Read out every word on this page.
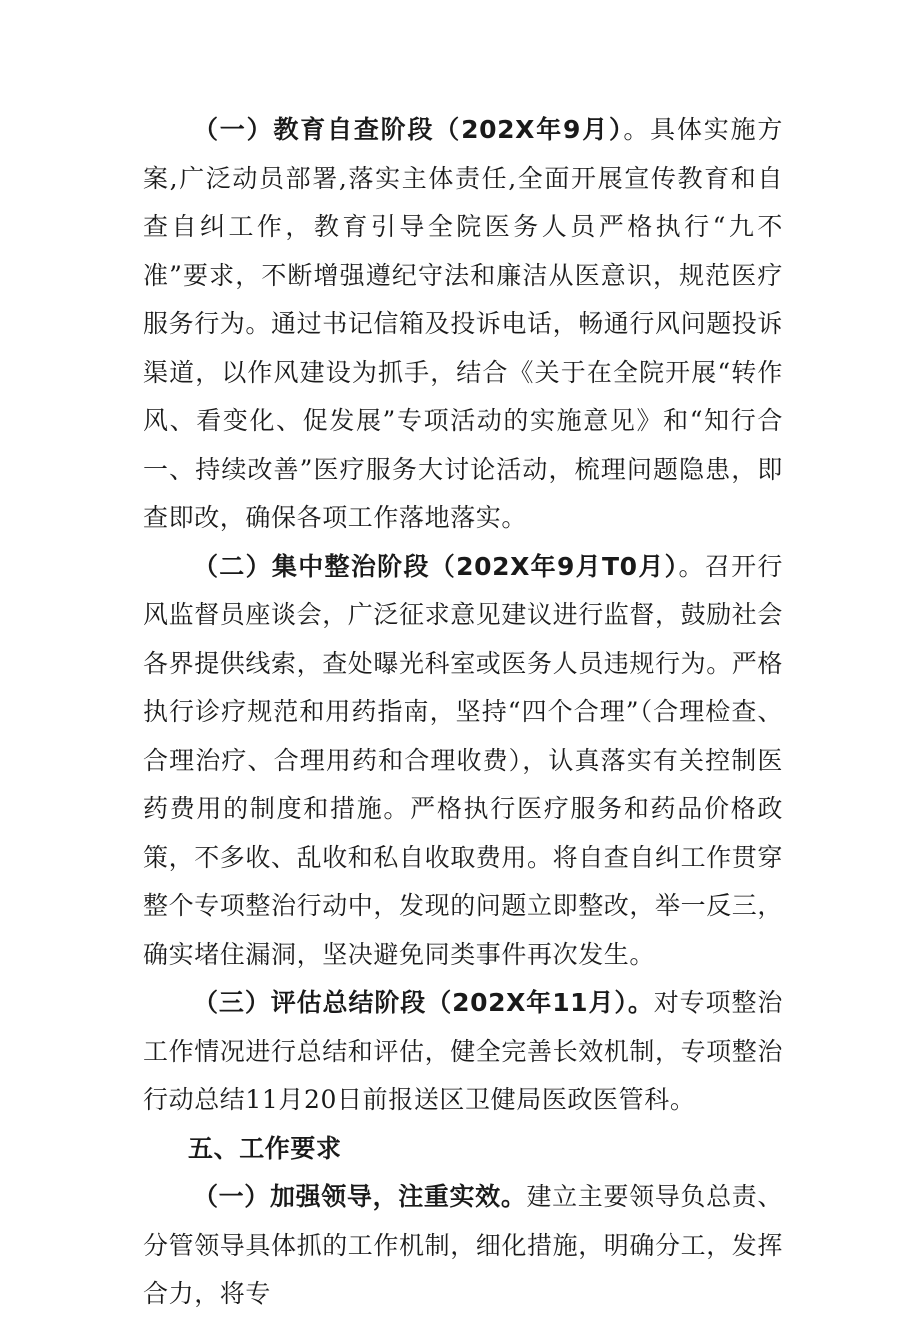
（一）教育自查阶段（202X年9月）。具体实施方案,广泛动员部署,落实主体责任,全面开展宣传教育和自查自纠工作，教育引导全院医务人员严格执行“九不准”要求，不断增强遵纪守法和廉洁从医意识，规范医疗服务行为。通过书记信箱及投诉电话，畅通行风问题投诉渠道，以作风建设为抓手，结合《关于在全院开展“转作风、看变化、促发展”专项活动的实施意见》和“知行合一、持续改善”医疗服务大讨论活动，梳理问题隐患，即查即改，确保各项工作落地落实。

（二）集中整治阶段（202X年9月T0月）。召开行风监督员座谈会，广泛征求意见建议进行监督，鼓励社会各界提供线索，查处曝光科室或医务人员违规行为。严格执行诊疗规范和用药指南，坚持“四个合理”（合理检查、合理治疗、合理用药和合理收费），认真落实有关控制医药费用的制度和措施。严格执行医疗服务和药品价格政策，不多收、乱收和私自收取费用。将自查自纠工作贯穿整个专项整治行动中，发现的问题立即整改，举一反三，确实堵住漏洞，坚决避免同类事件再次发生。

（三）评估总结阶段（202X年11月）。对专项整治工作情况进行总结和评估，健全完善长效机制，专项整治行动总结11月20日前报送区卫健局医政医管科。

五、工作要求

（一）加强领导，注重实效。建立主要领导负总责、分管领导具体抓的工作机制，细化措施，明确分工，发挥合力，将专
